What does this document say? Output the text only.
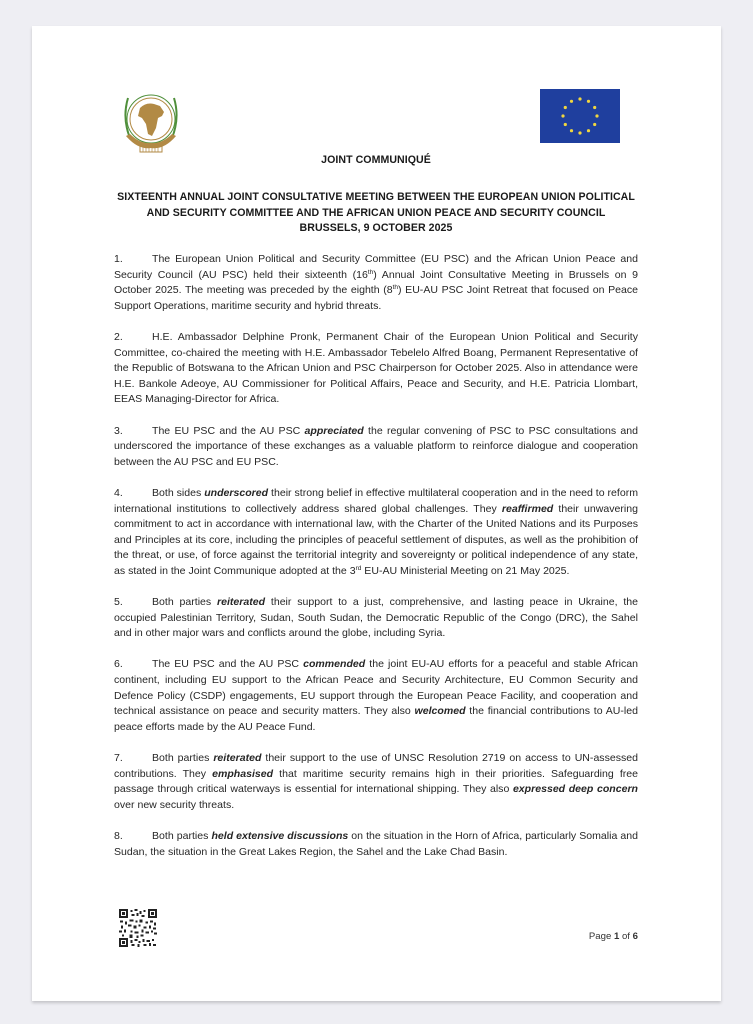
JOINT COMMUNIQUÉ
SIXTEENTH ANNUAL JOINT CONSULTATIVE MEETING BETWEEN THE EUROPEAN UNION POLITICAL
AND SECURITY COMMITTEE AND THE AFRICAN UNION PEACE AND SECURITY COUNCIL
BRUSSELS, 9 OCTOBER 2025

1.	The European Union Political and Security Committee (EU PSC) and the African Union Peace and Security Council (AU PSC) held their sixteenth (16th) Annual Joint Consultative Meeting in Brussels on 9 October 2025. The meeting was preceded by the eighth (8th) EU-AU PSC Joint Retreat that focused on Peace Support Operations, maritime security and hybrid threats.

2.	H.E. Ambassador Delphine Pronk, Permanent Chair of the European Union Political and Security Committee, co-chaired the meeting with H.E. Ambassador Tebelelo Alfred Boang, Permanent Representative of the Republic of Botswana to the African Union and PSC Chairperson for October 2025. Also in attendance were H.E. Bankole Adeoye, AU Commissioner for Political Affairs, Peace and Security, and H.E. Patricia Llombart, EEAS Managing-Director for Africa.

3.	The EU PSC and the AU PSC appreciated the regular convening of PSC to PSC consultations and underscored the importance of these exchanges as a valuable platform to reinforce dialogue and cooperation between the AU PSC and EU PSC.

4.	Both sides underscored their strong belief in effective multilateral cooperation and in the need to reform international institutions to collectively address shared global challenges. They reaffirmed their unwavering commitment to act in accordance with international law, with the Charter of the United Nations and its Purposes and Principles at its core, including the principles of peaceful settlement of disputes, as well as the prohibition of the threat, or use, of force against the territorial integrity and sovereignty or political independence of any state, as stated in the Joint Communique adopted at the 3rd EU-AU Ministerial Meeting on 21 May 2025.

5.	Both parties reiterated their support to a just, comprehensive, and lasting peace in Ukraine, the occupied Palestinian Territory, Sudan, South Sudan, the Democratic Republic of the Congo (DRC), the Sahel and in other major wars and conflicts around the globe, including Syria.

6.	The EU PSC and the AU PSC commended the joint EU-AU efforts for a peaceful and stable African continent, including EU support to the African Peace and Security Architecture, EU Common Security and Defence Policy (CSDP) engagements, EU support through the European Peace Facility, and cooperation and technical assistance on peace and security matters. They also welcomed the financial contributions to AU-led peace efforts made by the AU Peace Fund.

7.	Both parties reiterated their support to the use of UNSC Resolution 2719 on access to UN-assessed contributions. They emphasised that maritime security remains high in their priorities. Safeguarding free passage through critical waterways is essential for international shipping. They also expressed deep concern over new security threats.

8.	Both parties held extensive discussions on the situation in the Horn of Africa, particularly Somalia and Sudan, the situation in the Great Lakes Region, the Sahel and the Lake Chad Basin.

Page 1 of 6
